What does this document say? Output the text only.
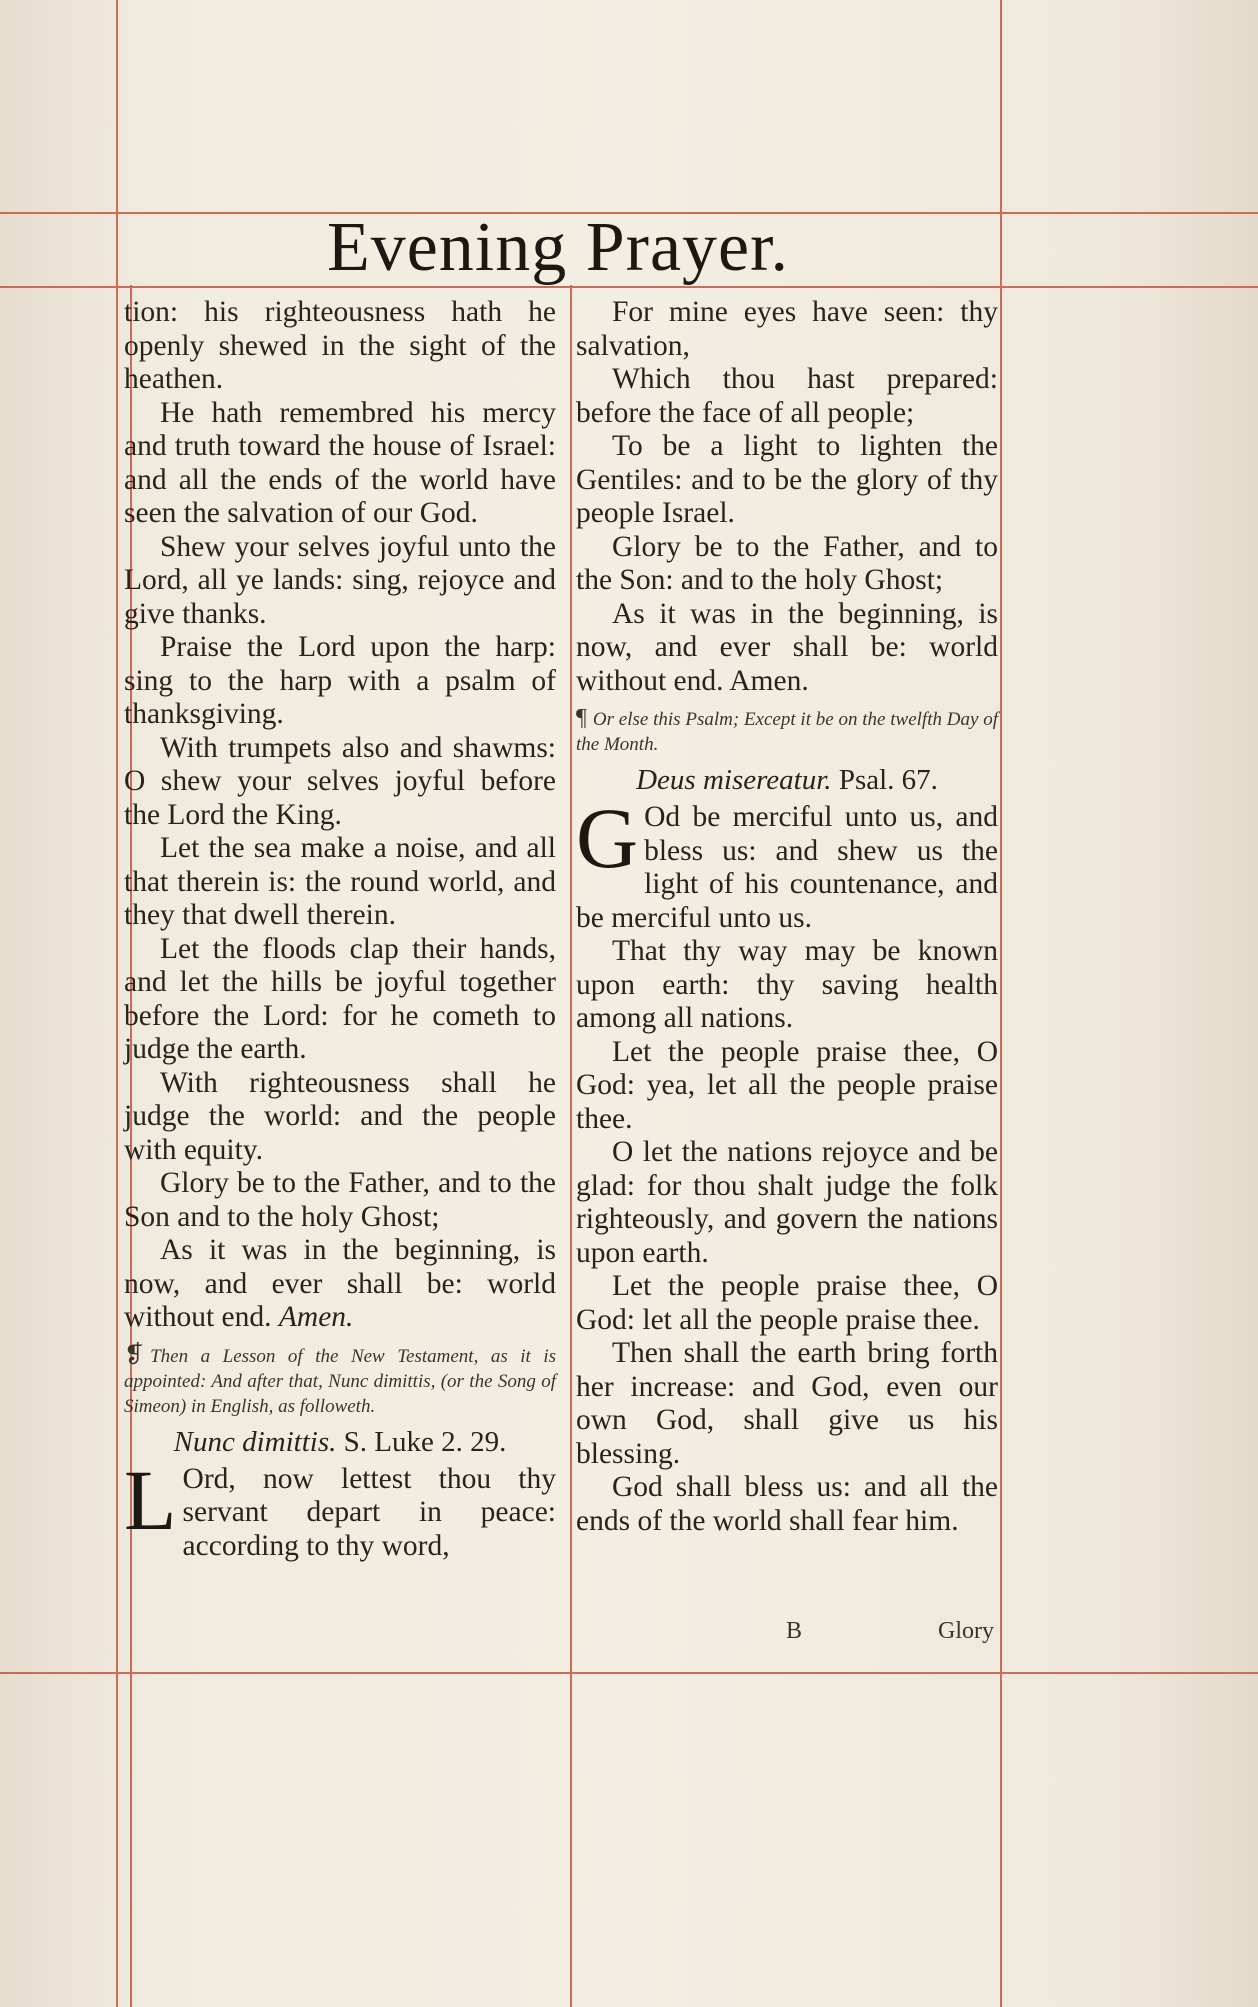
Evening Prayer.

tion: his righteousness hath he openly shewed in the sight of the heathen.

He hath remembred his mercy and truth toward the house of Israel: and all the ends of the world have seen the salvation of our God.

Shew your selves joyful unto the Lord, all ye lands: sing, rejoyce and give thanks.

Praise the Lord upon the harp: sing to the harp with a psalm of thanksgiving.

With trumpets also and shawms: O shew your selves joyful before the Lord the King.

Let the sea make a noise, and all that therein is: the round world, and they that dwell therein.

Let the floods clap their hands, and let the hills be joyful together before the Lord: for he cometh to judge the earth.

With righteousness shall he judge the world: and the people with equity.

Glory be to the Father, and to the Son and to the holy Ghost;

As it was in the beginning, is now, and ever shall be: world without end. Amen.

❡ Then a Lesson of the New Testament, as it is appointed: And after that, Nunc dimittis, (or the Song of Simeon) in English, as followeth.
Nunc dimittis. S. Luke 2. 29.

L Ord, now lettest thou thy servant depart in peace: according to thy word,

For mine eyes have seen: thy salvation,

Which thou hast prepared: before the face of all people;

To be a light to lighten the Gentiles: and to be the glory of thy people Israel.

Glory be to the Father, and to the Son: and to the holy Ghost;

As it was in the beginning, is now, and ever shall be: world without end. Amen.

¶ Or else this Psalm; Except it be on the twelfth Day of the Month.
Deus misereatur. Psal. 67.

G Od be merciful unto us, and bless us: and shew us the light of his countenance, and be merciful unto us.

That thy way may be known upon earth: thy saving health among all nations.

Let the people praise thee, O God: yea, let all the people praise thee.

O let the nations rejoyce and be glad: for thou shalt judge the folk righteously, and govern the nations upon earth.

Let the people praise thee, O God: let all the people praise thee.

Then shall the earth bring forth her increase: and God, even our own God, shall give us his blessing.

God shall bless us: and all the ends of the world shall fear him.

B	Glory
